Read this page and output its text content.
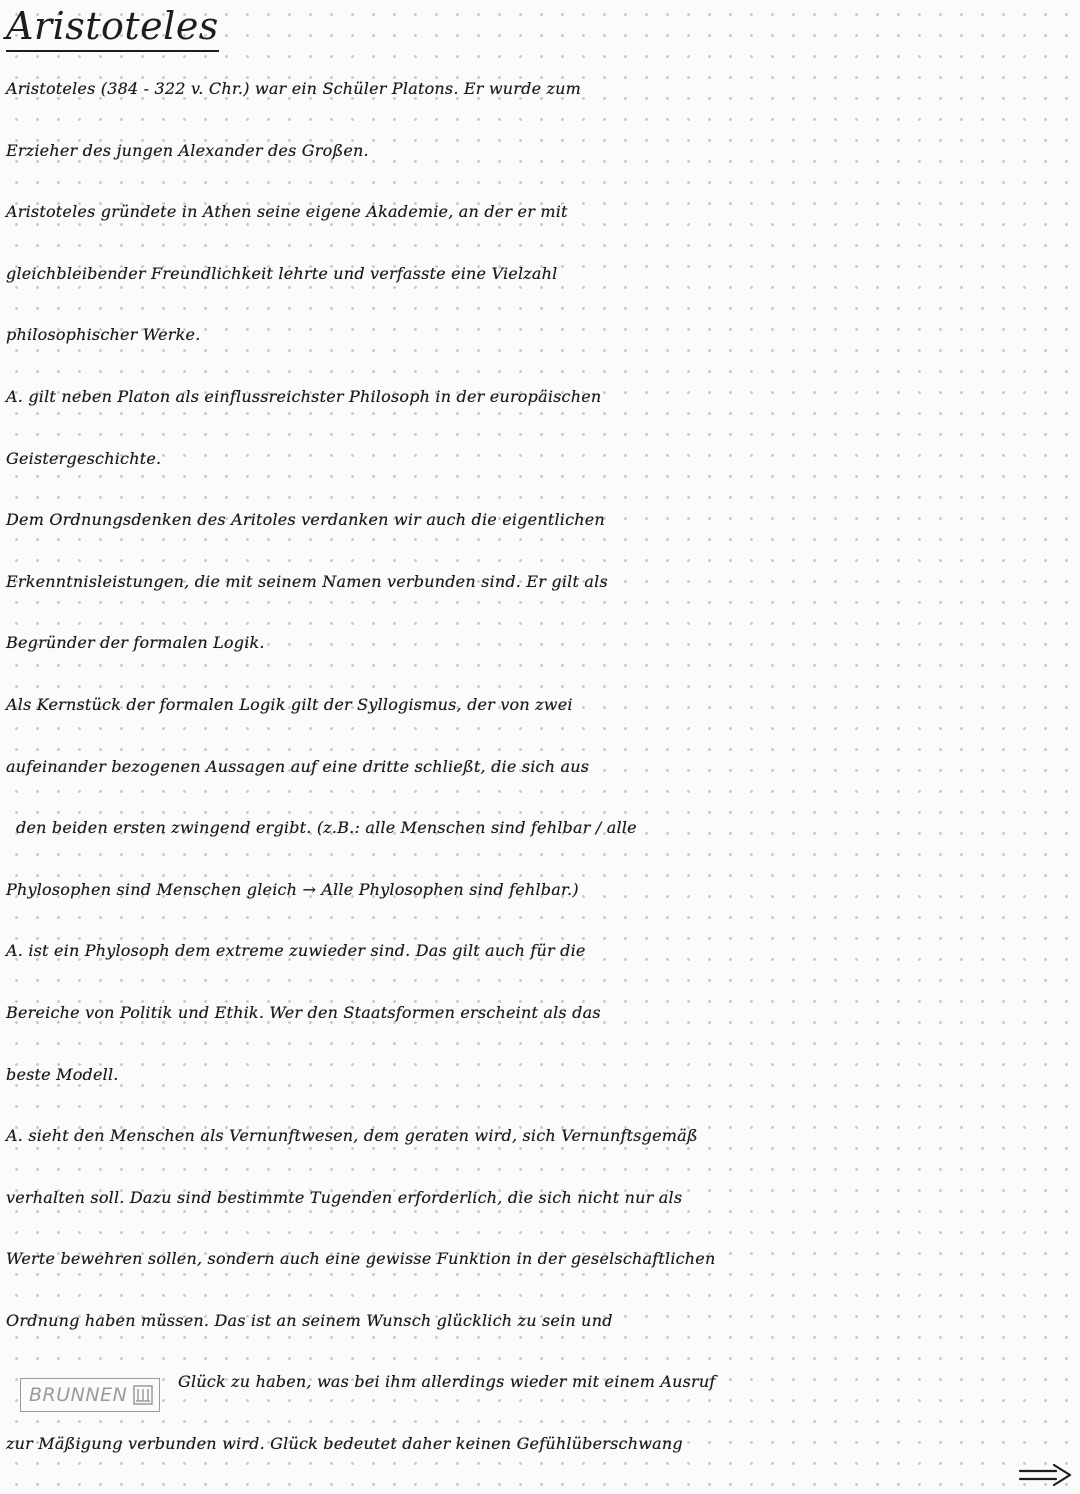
Aristoteles
Aristoteles (384 - 322 v. Chr.) war ein Schüler Platons. Er wurde zum
Erzieher des jungen Alexander des Großen.
Aristoteles gründete in Athen seine eigene Akademie, an der er mit
gleichbleibender Freundlichkeit lehrte und verfasste eine Vielzahl
philosophischer Werke.
A. gilt neben Platon als einflussreichster Philosoph in der europäischen
Geistergeschichte.
Dem Ordnungsdenken des Aritoles verdanken wir auch die eigentlichen
Erkenntnisleistungen, die mit seinem Namen verbunden sind. Er gilt als
Begründer der formalen Logik.
Als Kernstück der formalen Logik gilt der Syllogismus, der von zwei
aufeinander bezogenen Aussagen auf eine dritte schließt, die sich aus
den beiden ersten zwingend ergibt. (z.B.: alle Menschen sind fehlbar / alle
Phylosophen sind Menschen gleich → Alle Phylosophen sind fehlbar.)
A. ist ein Phylosoph dem extreme zuwieder sind. Das gilt auch für die
Bereiche von Politik und Ethik. Wer den Staatsformen erscheint als das
beste Modell.
A. sieht den Menschen als Vernunftwesen, dem geraten wird, sich Vernunftsgemäß
verhalten soll. Dazu sind bestimmte Tugenden erforderlich, die sich nicht nur als
Werte bewehren sollen, sondern auch eine gewisse Funktion in der geselschaftlichen
Ordnung haben müssen. Das ist an seinem Wunsch glücklich zu sein und
Glück zu haben, was bei ihm allerdings wieder mit einem Ausruf
zur Mäßigung verbunden wird. Glück bedeutet daher keinen Gefühlüberschwang
BRUNNEN
